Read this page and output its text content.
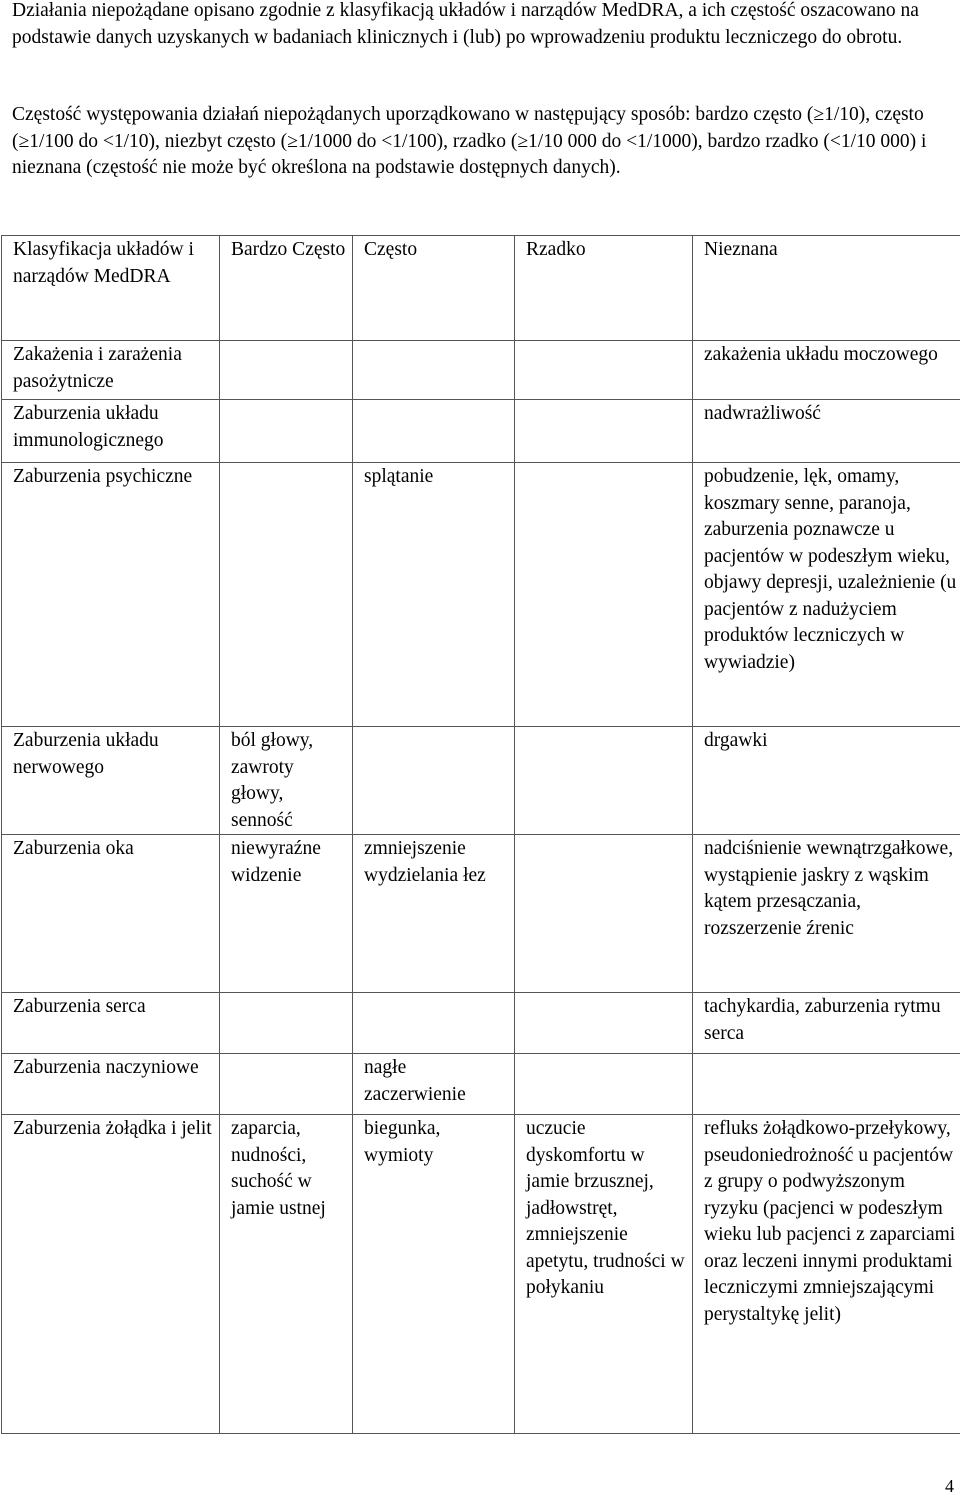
Działania niepożądane opisano zgodnie z klasyfikacją układów i narządów MedDRA, a ich częstość oszacowano na podstawie danych uzyskanych w badaniach klinicznych i (lub) po wprowadzeniu produktu leczniczego do obrotu.

Częstość występowania działań niepożądanych uporządkowano w następujący sposób: bardzo często (≥1/10), często (≥1/100 do <1/10), niezbyt często (≥1/1000 do <1/100), rzadko (≥1/10 000 do <1/1000), bardzo rzadko (<1/10 000) i nieznana (częstość nie może być określona na podstawie dostępnych danych).

Klasyfikacja układów i narządów MedDRA	Bardzo Często	Często	Rzadko	Nieznana
Zakażenia i zarażenia pasożytnicze				zakażenia układu moczowego
Zaburzenia układu immunologicznego				nadwrażliwość
Zaburzenia psychiczne		splątanie		pobudzenie, lęk, omamy, koszmary senne, paranoja, zaburzenia poznawcze u pacjentów w podeszłym wieku, objawy depresji, uzależnienie (u pacjentów z nadużyciem produktów leczniczych w wywiadzie)
Zaburzenia układu nerwowego	ból głowy, zawroty głowy, senność			drgawki
Zaburzenia oka	niewyraźne widzenie	zmniejszenie wydzielania łez		nadciśnienie wewnątrzgałkowe, wystąpienie jaskry z wąskim kątem przesączania, rozszerzenie źrenic
Zaburzenia serca				tachykardia, zaburzenia rytmu serca
Zaburzenia naczyniowe		nagłe zaczerwienie		
Zaburzenia żołądka i jelit	zaparcia, nudności, suchość w jamie ustnej	biegunka, wymioty	uczucie dyskomfortu w jamie brzusznej, jadłowstręt, zmniejszenie apetytu, trudności w połykaniu	refluks żołądkowo-przełykowy, pseudoniedrożność u pacjentów z grupy o podwyższonym ryzyku (pacjenci w podeszłym wieku lub pacjenci z zaparciami oraz leczeni innymi produktami leczniczymi zmniejszającymi perystaltykę jelit)
4
